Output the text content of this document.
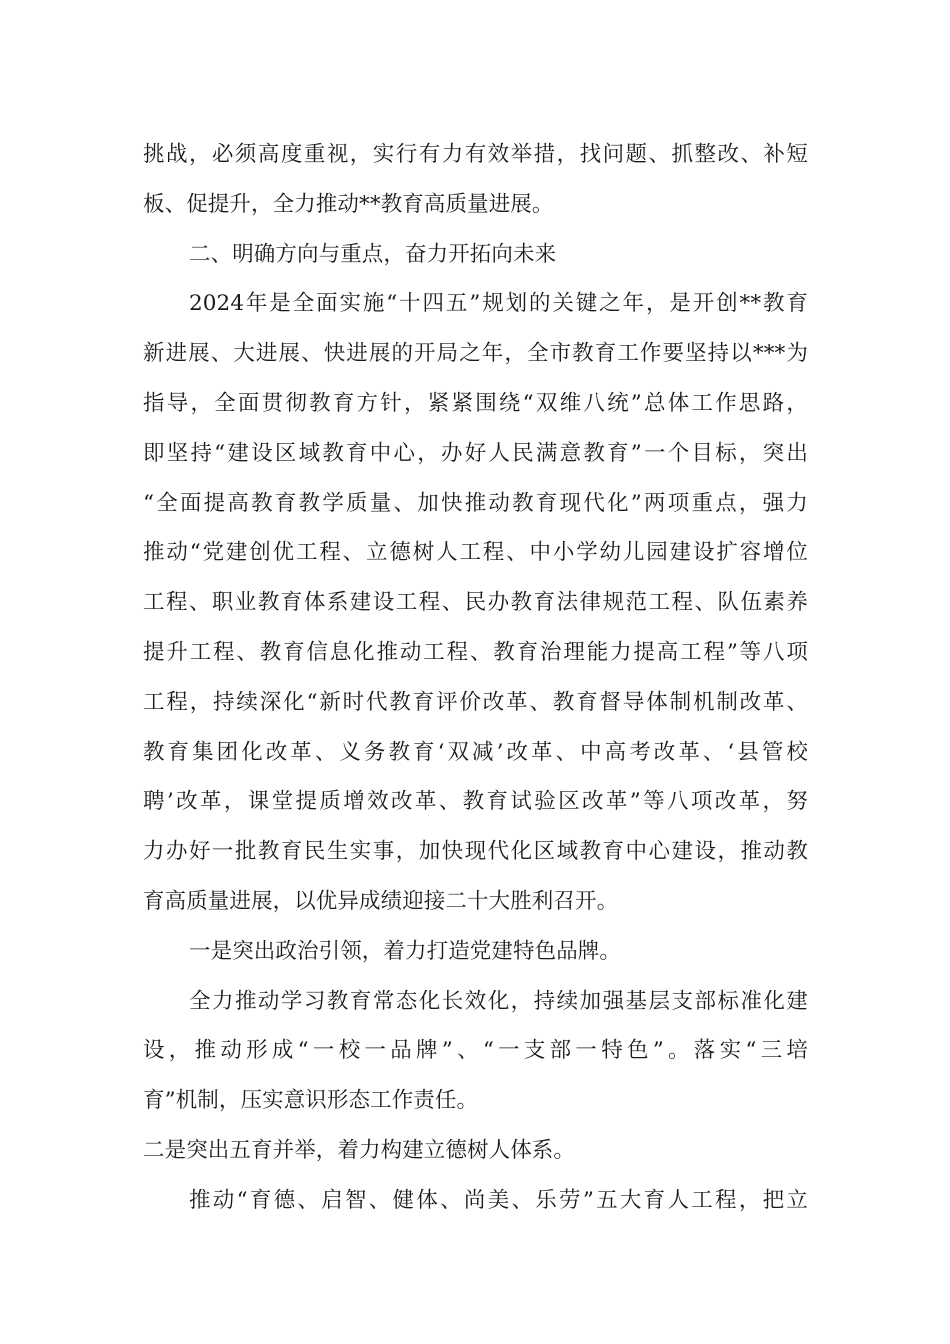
挑战，必须高度重视，实行有力有效举措，找问题、抓整改、补短
板、促提升，全力推动**教育高质量进展。
二、明确方向与重点，奋力开拓向未来
2024年是全面实施“十四五”规划的关键之年，是开创**教育
新进展、大进展、快进展的开局之年，全市教育工作要坚持以***为
指导，全面贯彻教育方针，紧紧围绕“双维八统”总体工作思路，
即坚持“建设区域教育中心，办好人民满意教育”一个目标，突出
“全面提高教育教学质量、加快推动教育现代化”两项重点，强力
推动“党建创优工程、立德树人工程、中小学幼儿园建设扩容增位
工程、职业教育体系建设工程、民办教育法律规范工程、队伍素养
提升工程、教育信息化推动工程、教育治理能力提高工程”等八项
工程，持续深化“新时代教育评价改革、教育督导体制机制改革、
教育集团化改革、义务教育‘双减’改革、中高考改革、‘县管校
聘’改革，课堂提质增效改革、教育试验区改革”等八项改革，努
力办好一批教育民生实事，加快现代化区域教育中心建设，推动教
育高质量进展，以优异成绩迎接二十大胜利召开。
一是突出政治引领，着力打造党建特色品牌。
全力推动学习教育常态化长效化，持续加强基层支部标准化建
设，推动形成“一校一品牌”、“一支部一特色”。落实“三培
育”机制，压实意识形态工作责任。
二是突出五育并举，着力构建立德树人体系。
推动“育德、启智、健体、尚美、乐劳”五大育人工程，把立
